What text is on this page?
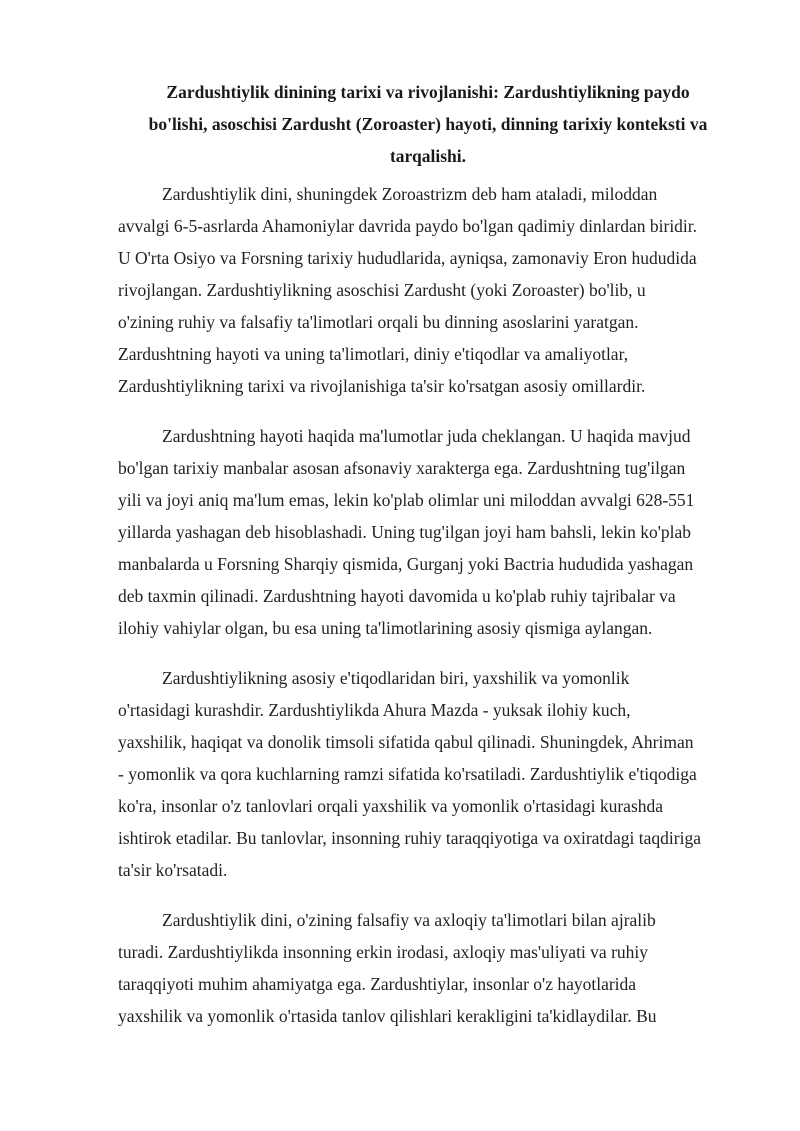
Zardushtiylik dinining tarixi va rivojlanishi: Zardushtiylikning paydo
bo'lishi, asoschisi Zardusht (Zoroaster) hayoti, dinning tarixiy konteksti va
tarqalishi.

Zardushtiylik dini, shuningdek Zoroastrizm deb ham ataladi, miloddan
avvalgi 6-5-asrlarda Ahamoniylar davrida paydo bo'lgan qadimiy dinlardan biridir.
U O'rta Osiyo va Forsning tarixiy hududlarida, ayniqsa, zamonaviy Eron hududida
rivojlangan. Zardushtiylikning asoschisi Zardusht (yoki Zoroaster) bo'lib, u
o'zining ruhiy va falsafiy ta'limotlari orqali bu dinning asoslarini yaratgan.
Zardushtning hayoti va uning ta'limotlari, diniy e'tiqodlar va amaliyotlar,
Zardushtiylikning tarixi va rivojlanishiga ta'sir ko'rsatgan asosiy omillardir.

Zardushtning hayoti haqida ma'lumotlar juda cheklangan. U haqida mavjud
bo'lgan tarixiy manbalar asosan afsonaviy xarakterga ega. Zardushtning tug'ilgan
yili va joyi aniq ma'lum emas, lekin ko'plab olimlar uni miloddan avvalgi 628-551
yillarda yashagan deb hisoblashadi. Uning tug'ilgan joyi ham bahsli, lekin ko'plab
manbalarda u Forsning Sharqiy qismida, Gurganj yoki Bactria hududida yashagan
deb taxmin qilinadi. Zardushtning hayoti davomida u ko'plab ruhiy tajribalar va
ilohiy vahiylar olgan, bu esa uning ta'limotlarining asosiy qismiga aylangan.

Zardushtiylikning asosiy e'tiqodlaridan biri, yaxshilik va yomonlik
o'rtasidagi kurashdir. Zardushtiylikda Ahura Mazda - yuksak ilohiy kuch,
yaxshilik, haqiqat va donolik timsoli sifatida qabul qilinadi. Shuningdek, Ahriman
- yomonlik va qora kuchlarning ramzi sifatida ko'rsatiladi. Zardushtiylik e'tiqodiga
ko'ra, insonlar o'z tanlovlari orqali yaxshilik va yomonlik o'rtasidagi kurashda
ishtirok etadilar. Bu tanlovlar, insonning ruhiy taraqqiyotiga va oxiratdagi taqdiriga
ta'sir ko'rsatadi.

Zardushtiylik dini, o'zining falsafiy va axloqiy ta'limotlari bilan ajralib
turadi. Zardushtiylikda insonning erkin irodasi, axloqiy mas'uliyati va ruhiy
taraqqiyoti muhim ahamiyatga ega. Zardushtiylar, insonlar o'z hayotlarida
yaxshilik va yomonlik o'rtasida tanlov qilishlari kerakligini ta'kidlaydilar. Bu
